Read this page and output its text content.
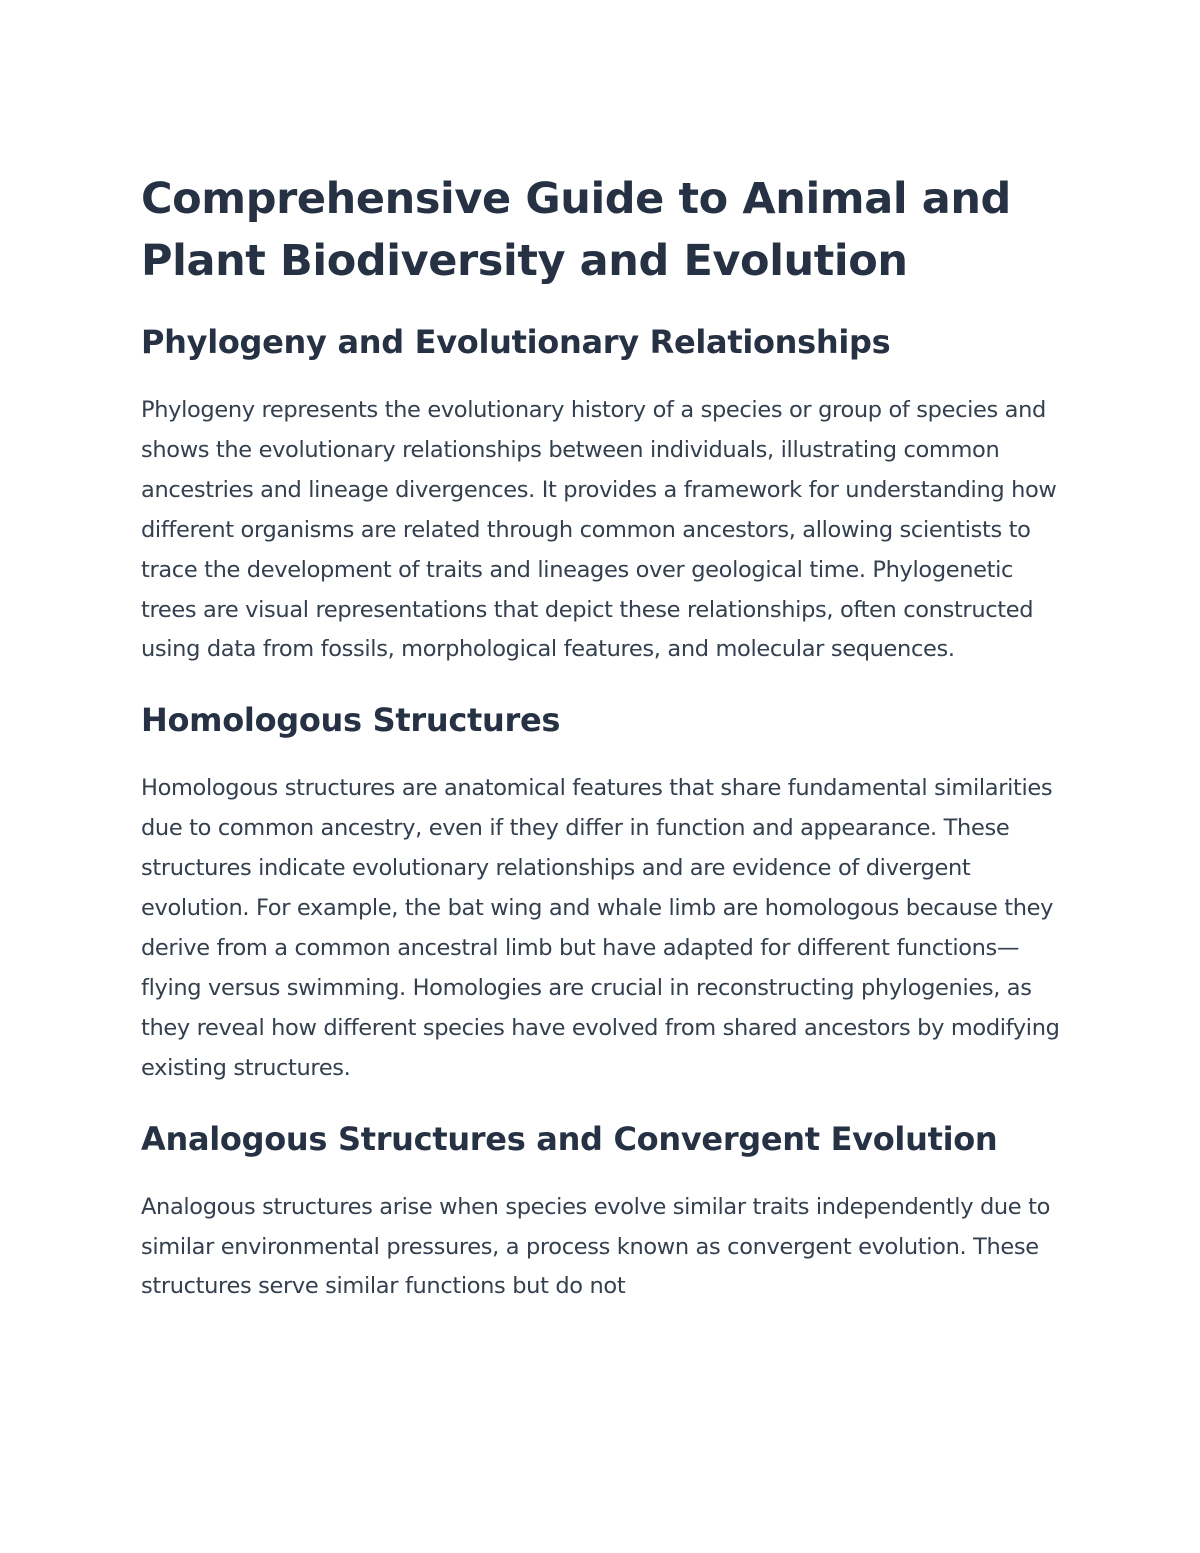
Comprehensive Guide to Animal and Plant Biodiversity and Evolution
Phylogeny and Evolutionary Relationships

Phylogeny represents the evolutionary history of a species or group of species and shows the evolutionary relationships between individuals, illustrating common ancestries and lineage divergences. It provides a framework for understanding how different organisms are related through common ancestors, allowing scientists to trace the development of traits and lineages over geological time. Phylogenetic trees are visual representations that depict these relationships, often constructed using data from fossils, morphological features, and molecular sequences.

Homologous Structures

Homologous structures are anatomical features that share fundamental similarities due to common ancestry, even if they differ in function and appearance. These structures indicate evolutionary relationships and are evidence of divergent evolution. For example, the bat wing and whale limb are homologous because they derive from a common ancestral limb but have adapted for different functions—flying versus swimming. Homologies are crucial in reconstructing phylogenies, as they reveal how different species have evolved from shared ancestors by modifying existing structures.

Analogous Structures and Convergent Evolution

Analogous structures arise when species evolve similar traits independently due to similar environmental pressures, a process known as convergent evolution. These structures serve similar functions but do not
